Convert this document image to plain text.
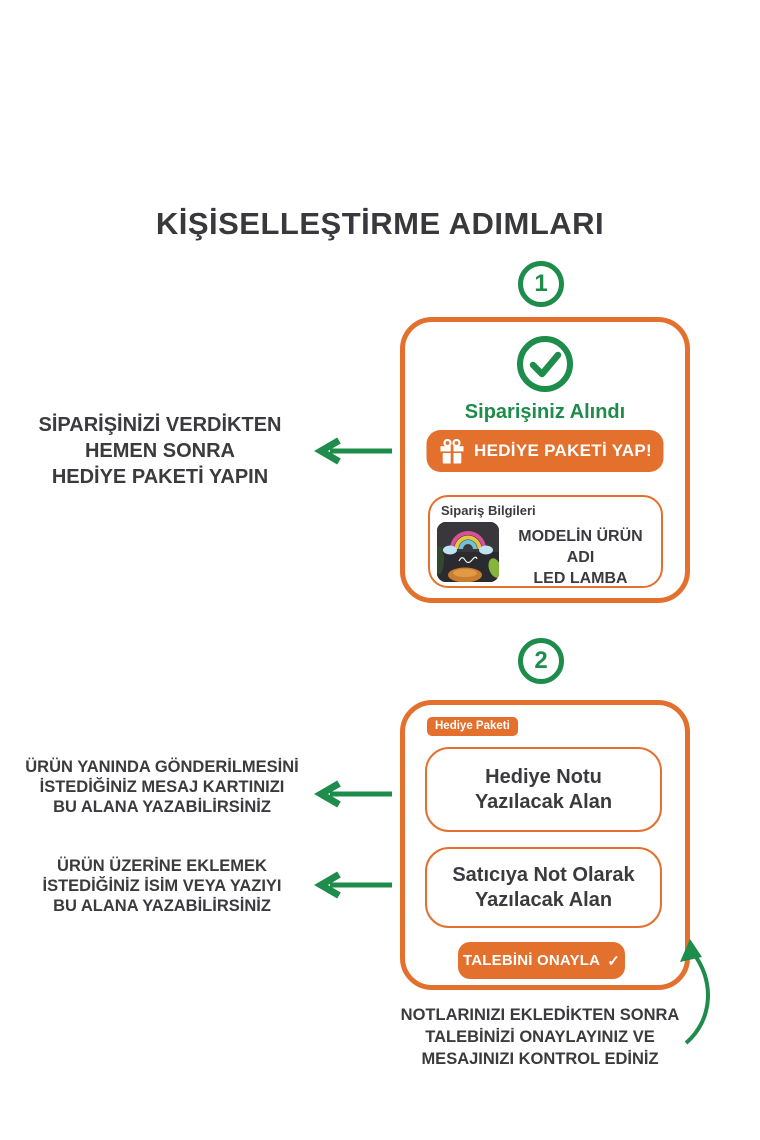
KİŞİSELLEŞTİRME ADIMLARI
1
Siparişiniz Alındı
HEDİYE PAKETİ YAP!
Sipariş Bilgileri
MODELİN ÜRÜN ADI
LED LAMBA
SİPARİŞİNİZİ VERDİKTEN
HEMEN SONRA
HEDİYE PAKETİ YAPIN
2
Hediye Paketi
Hediye Notu
Yazılacak Alan
Satıcıya Not Olarak
Yazılacak Alan
TALEBİNİ ONAYLA ✓
ÜRÜN YANINDA GÖNDERİLMESİNİ
İSTEDİĞİNİZ MESAJ KARTINIZI
BU ALANA YAZABİLİRSİNİZ
ÜRÜN ÜZERİNE EKLEMEK
İSTEDİĞİNİZ İSİM VEYA YAZIYI
BU ALANA YAZABİLİRSİNİZ
NOTLARINIZI EKLEDİKTEN SONRA
TALEBİNİZİ ONAYLAYINIZ VE
MESAJINIZI KONTROL EDİNİZ
